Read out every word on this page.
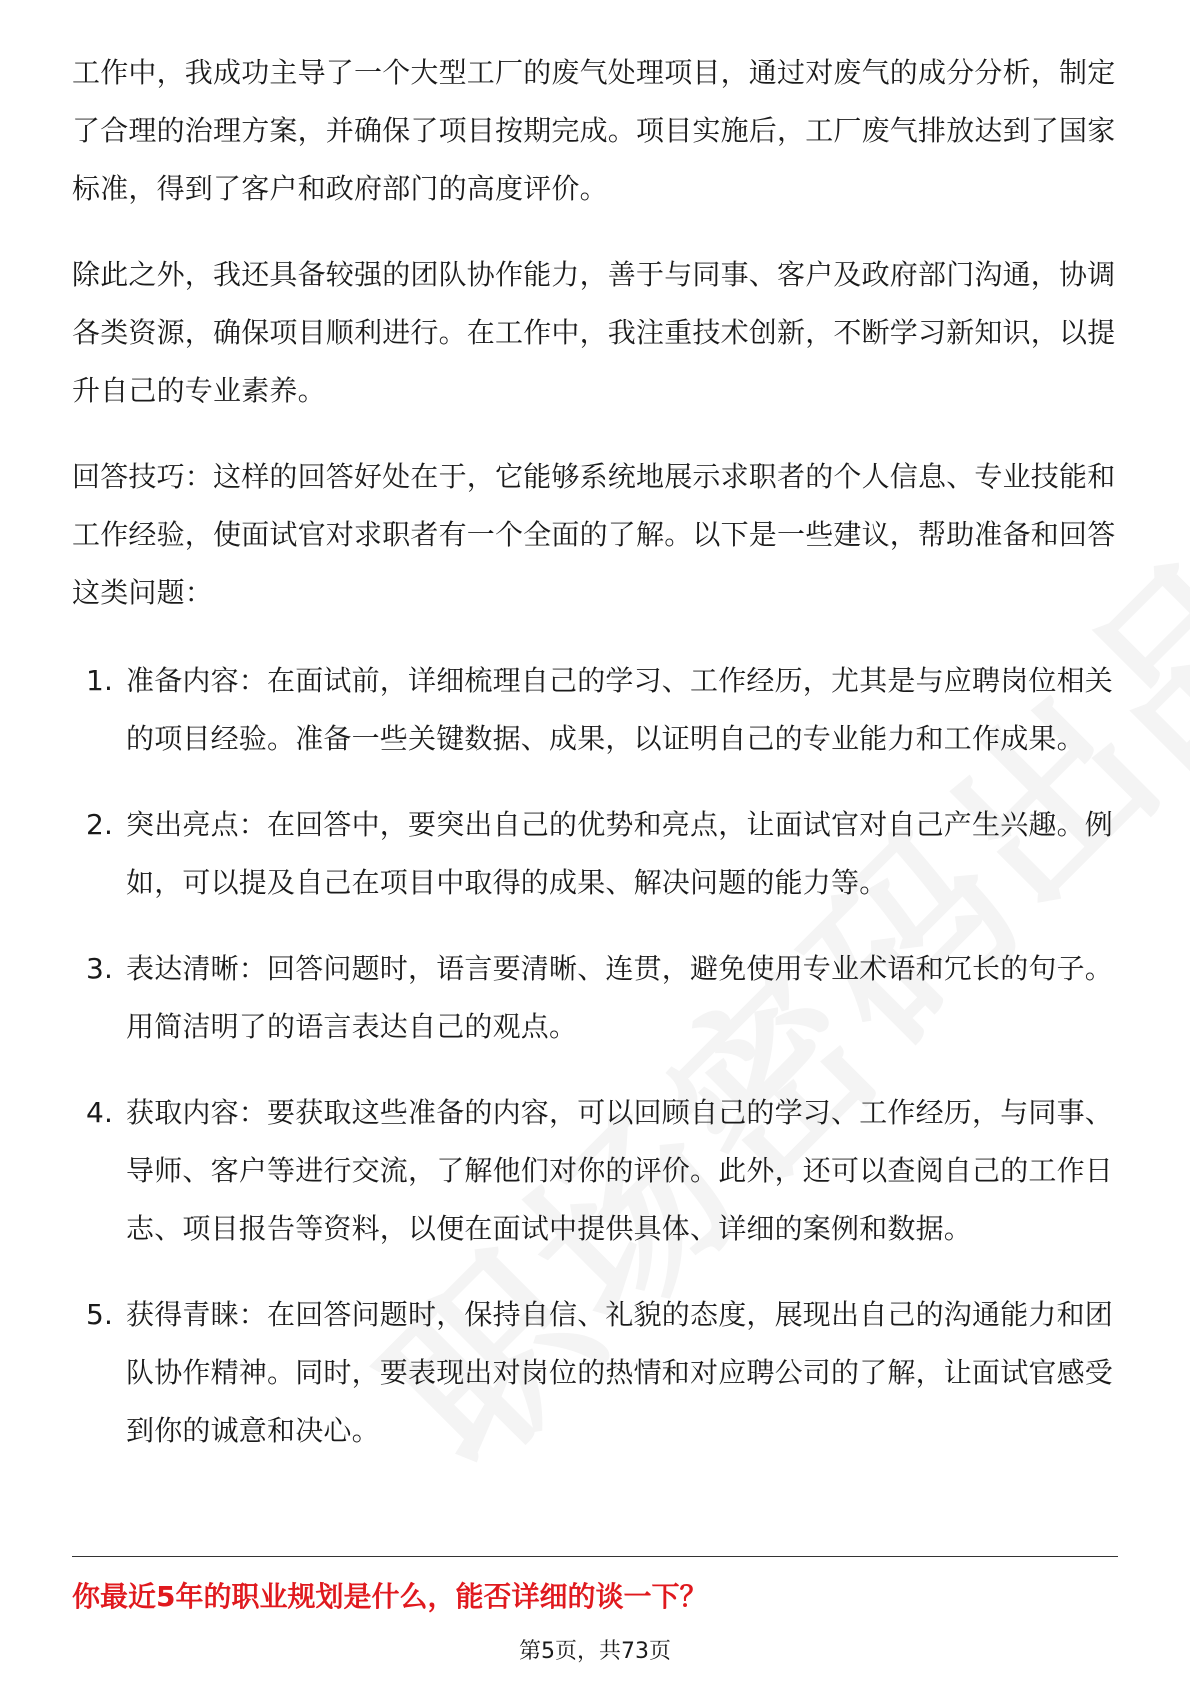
工作中，我成功主导了一个大型工厂的废气处理项目，通过对废气的成分分析，制定了合理的治理方案，并确保了项目按期完成。项目实施后，工厂废气排放达到了国家标准，得到了客户和政府部门的高度评价。

除此之外，我还具备较强的团队协作能力，善于与同事、客户及政府部门沟通，协调各类资源，确保项目顺利进行。在工作中，我注重技术创新，不断学习新知识，以提升自己的专业素养。

回答技巧：这样的回答好处在于，它能够系统地展示求职者的个人信息、专业技能和工作经验，使面试官对求职者有一个全面的了解。以下是一些建议，帮助准备和回答这类问题：

1. 准备内容：在面试前，详细梳理自己的学习、工作经历，尤其是与应聘岗位相关的项目经验。准备一些关键数据、成果，以证明自己的专业能力和工作成果。
2. 突出亮点：在回答中，要突出自己的优势和亮点，让面试官对自己产生兴趣。例如，可以提及自己在项目中取得的成果、解决问题的能力等。
3. 表达清晰：回答问题时，语言要清晰、连贯，避免使用专业术语和冗长的句子。用简洁明了的语言表达自己的观点。
4. 获取内容：要获取这些准备的内容，可以回顾自己的学习、工作经历，与同事、导师、客户等进行交流，了解他们对你的评价。此外，还可以查阅自己的工作日志、项目报告等资料，以便在面试中提供具体、详细的案例和数据。
5. 获得青睐：在回答问题时，保持自信、礼貌的态度，展现出自己的沟通能力和团队协作精神。同时，要表现出对岗位的热情和对应聘公司的了解，让面试官感受到你的诚意和决心。
你最近5年的职业规划是什么，能否详细的谈一下？
第5页，共73页
